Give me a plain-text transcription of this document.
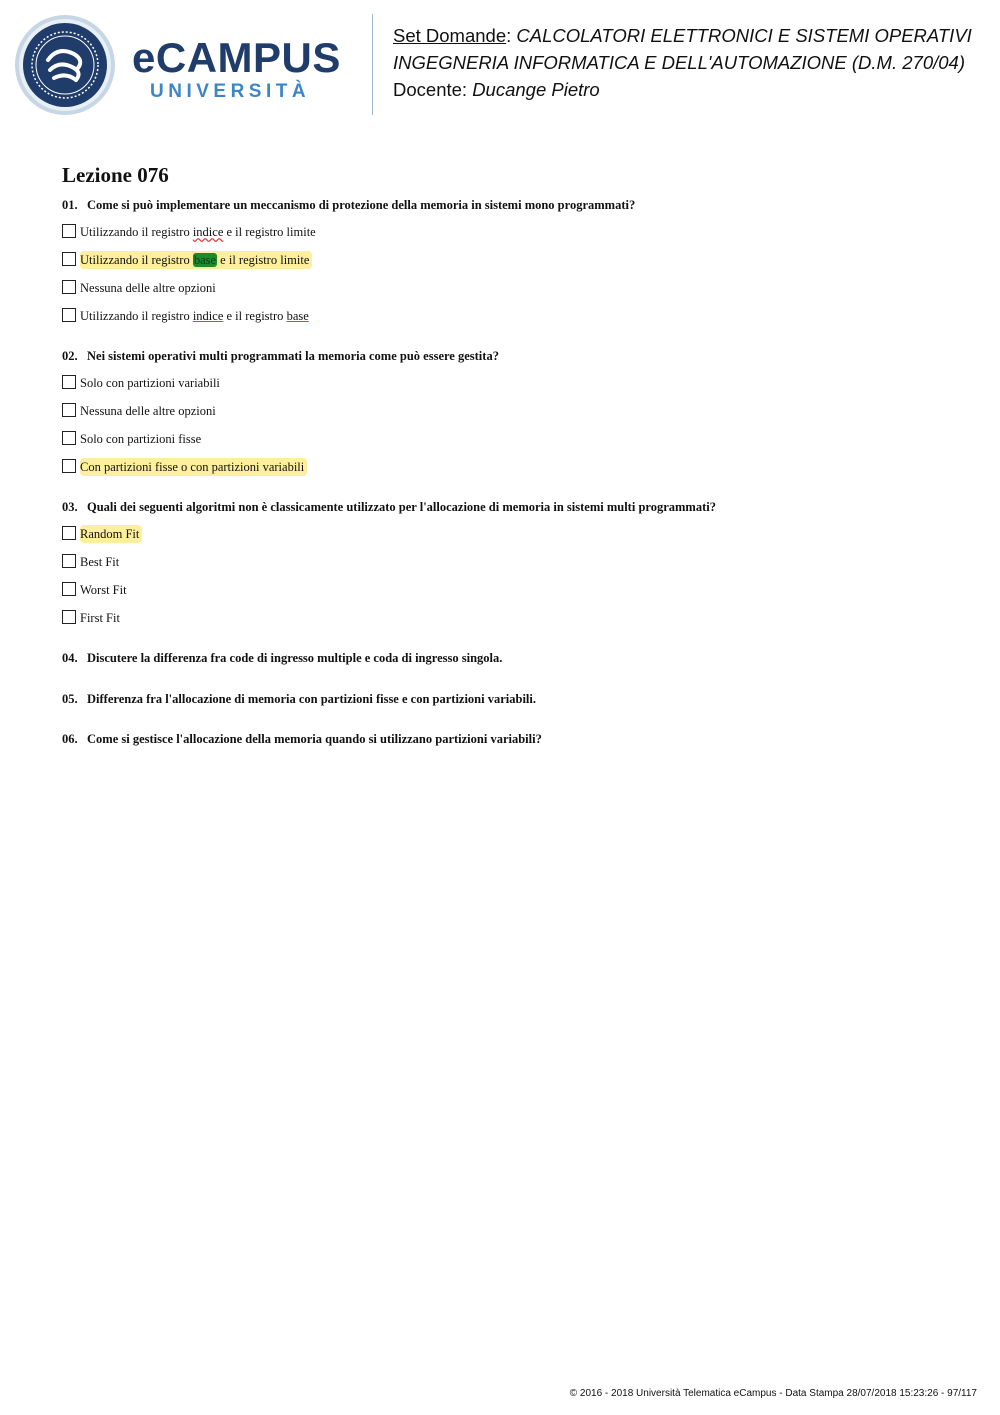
eCAMPUS
UNIVERSITÀ
Set Domande: CALCOLATORI ELETTRONICI E SISTEMI OPERATIVI
INGEGNERIA INFORMATICA E DELL'AUTOMAZIONE (D.M. 270/04)
Docente: Ducange Pietro
Lezione 076
01. Come si può implementare un meccanismo di protezione della memoria in sistemi mono programmati?
Utilizzando il registro indice e il registro limite
Utilizzando il registro base e il registro limite
Nessuna delle altre opzioni
Utilizzando il registro indice e il registro base
02. Nei sistemi operativi multi programmati la memoria come può essere gestita?
Solo con partizioni variabili
Nessuna delle altre opzioni
Solo con partizioni fisse
Con partizioni fisse o con partizioni variabili
03. Quali dei seguenti algoritmi non è classicamente utilizzato per l'allocazione di memoria in sistemi multi programmati?
Random Fit
Best Fit
Worst Fit
First Fit
04. Discutere la differenza fra code di ingresso multiple e coda di ingresso singola.
05. Differenza fra l'allocazione di memoria con partizioni fisse e con partizioni variabili.
06. Come si gestisce l'allocazione della memoria quando si utilizzano partizioni variabili?
© 2016 - 2018 Università Telematica eCampus - Data Stampa 28/07/2018 15:23:26 - 97/117
